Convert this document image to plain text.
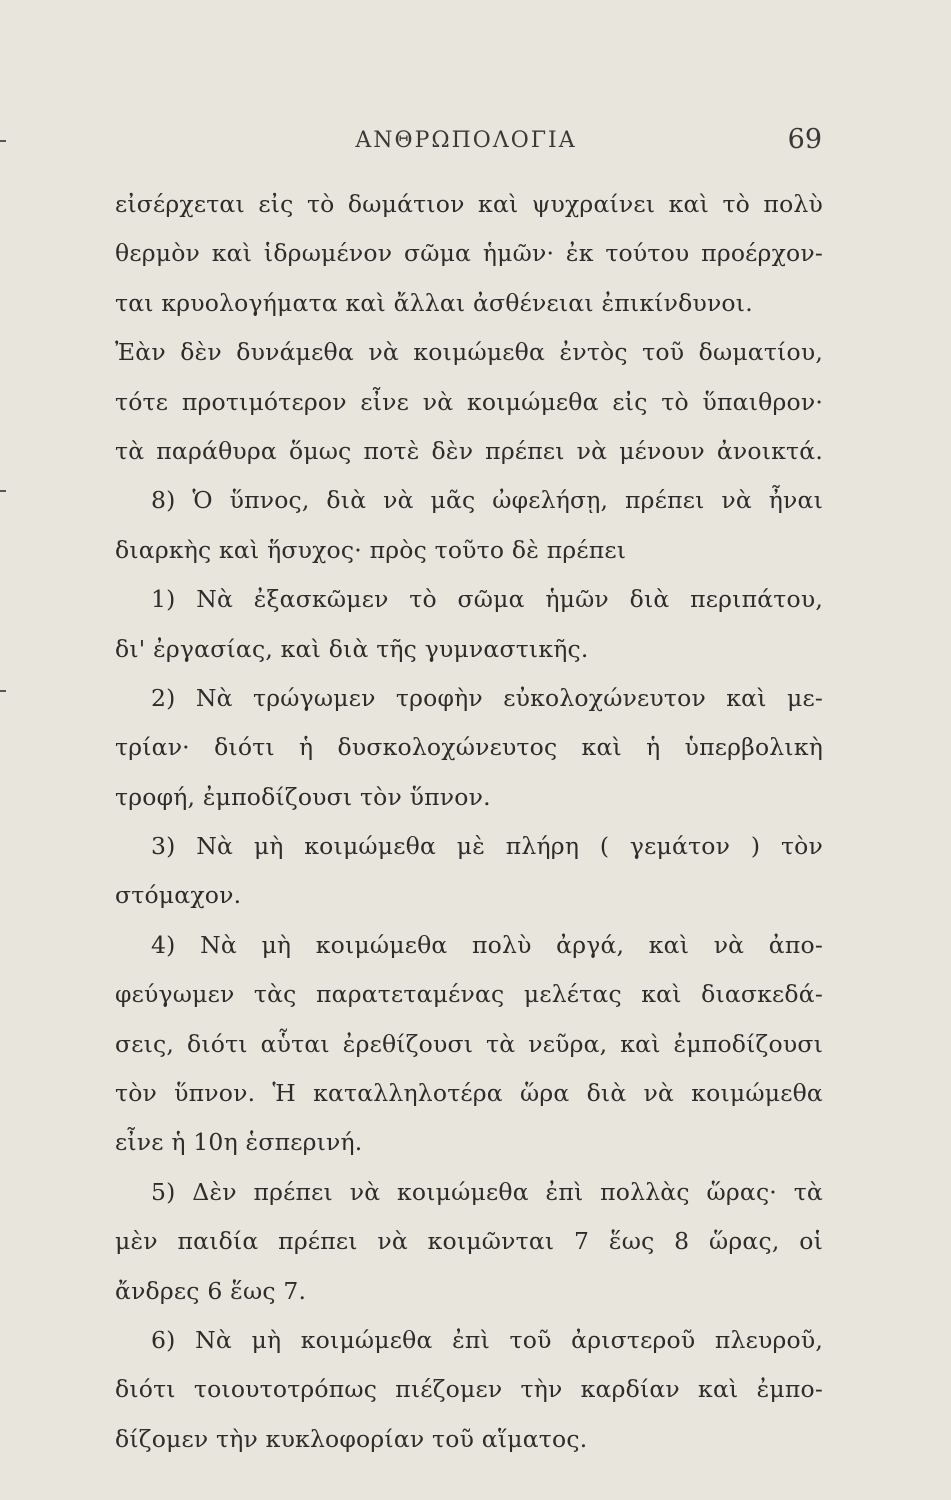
ΑΝΘΡΩΠΟΛΟΓΙΑ	69
εἰσέρχεται εἰς τὸ δωμάτιον καὶ ψυχραίνει καὶ τὸ πολὺ
θερμὸν καὶ ἱδρωμένον σῶμα ἡμῶν· ἐκ τούτου προέρχον-
ται κρυολογήματα καὶ ἄλλαι ἀσθένειαι ἐπικίνδυνοι.
Ἐὰν δὲν δυνάμεθα νὰ κοιμώμεθα ἐντὸς τοῦ δωματίου,
τότε προτιμότερον εἶνε νὰ κοιμώμεθα εἰς τὸ ὕπαιθρον·
τὰ παράθυρα ὅμως ποτὲ δὲν πρέπει νὰ μένουν ἀνοικτά.
8) Ὁ ὕπνος, διὰ νὰ μᾶς ὠφελήσῃ, πρέπει νὰ ἦναι
διαρκὴς καὶ ἥσυχος· πρὸς τοῦτο δὲ πρέπει
1) Νὰ ἐξασκῶμεν τὸ σῶμα ἡμῶν διὰ περιπάτου,
δι' ἐργασίας, καὶ διὰ τῆς γυμναστικῆς.
2) Νὰ τρώγωμεν τροφὴν εὐκολοχώνευτον καὶ με-
τρίαν· διότι ἡ δυσκολοχώνευτος καὶ ἡ ὑπερβολικὴ
τροφή, ἐμποδίζουσι τὸν ὕπνον.
3) Νὰ μὴ κοιμώμεθα μὲ πλήρη ( γεμάτον ) τὸν
στόμαχον.
4) Νὰ μὴ κοιμώμεθα πολὺ ἀργά, καὶ νὰ ἀπο-
φεύγωμεν τὰς παρατεταμένας μελέτας καὶ διασκεδά-
σεις, διότι αὗται ἐρεθίζουσι τὰ νεῦρα, καὶ ἐμποδίζουσι
τὸν ὕπνον. Ἡ καταλληλοτέρα ὥρα διὰ νὰ κοιμώμεθα
εἶνε ἡ 10η ἑσπερινή.
5) Δὲν πρέπει νὰ κοιμώμεθα ἐπὶ πολλὰς ὥρας· τὰ
μὲν παιδία πρέπει νὰ κοιμῶνται 7 ἕως 8 ὥρας, οἱ
ἄνδρες 6 ἕως 7.
6) Νὰ μὴ κοιμώμεθα ἐπὶ τοῦ ἀριστεροῦ πλευροῦ,
διότι τοιουτοτρόπως πιέζομεν τὴν καρδίαν καὶ ἐμπο-
δίζομεν τὴν κυκλοφορίαν τοῦ αἵματος.
